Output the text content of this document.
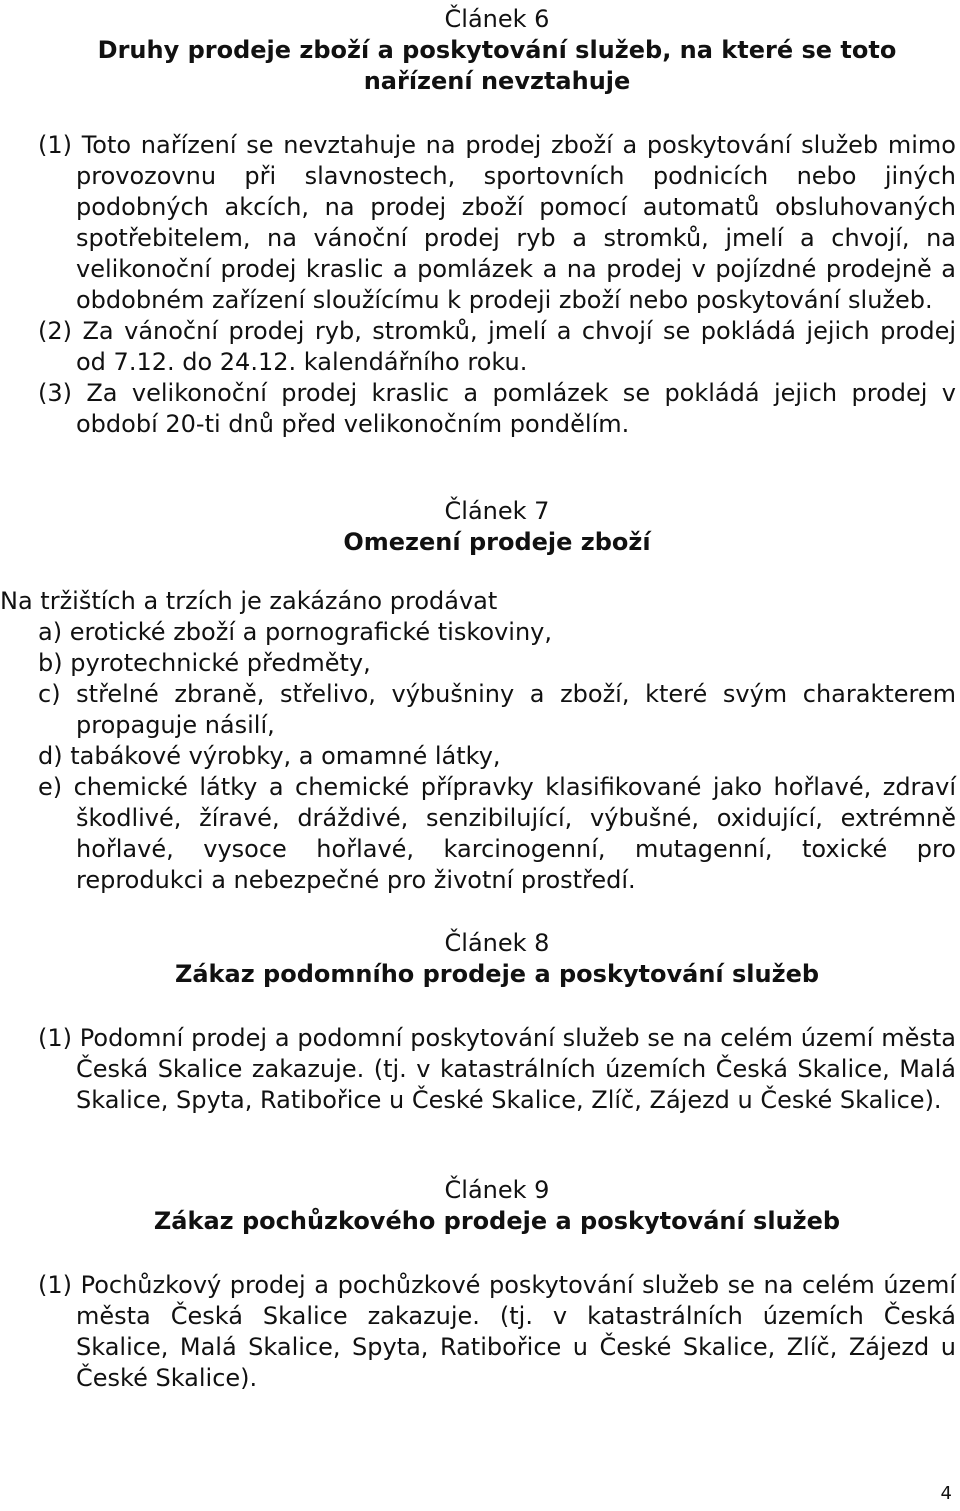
Článek 6

Druhy prodeje zboží a poskytování služeb, na které se toto nařízení nevztahuje

(1) Toto nařízení se nevztahuje na prodej zboží a poskytování služeb mimo provozovnu při slavnostech, sportovních podnicích nebo jiných podobných akcích, na prodej zboží pomocí automatů obsluhovaných spotřebitelem, na vánoční prodej ryb a stromků, jmelí a chvojí, na velikonoční prodej kraslic a pomlázek a na prodej v pojízdné prodejně a obdobném zařízení sloužícímu k prodeji zboží nebo poskytování služeb.

(2) Za vánoční prodej ryb, stromků, jmelí a chvojí se pokládá jejich prodej od 7.12. do 24.12. kalendářního roku.

(3) Za velikonoční prodej kraslic a pomlázek se pokládá jejich prodej v období 20-ti dnů před velikonočním pondělím.

Článek 7

Omezení prodeje zboží

Na tržištích a trzích je zakázáno prodávat

a) erotické zboží a pornografické tiskoviny,
b) pyrotechnické předměty,
c) střelné zbraně, střelivo, výbušniny a zboží, které svým charakterem propaguje násilí,
d) tabákové výrobky, a omamné látky,
e) chemické látky a chemické přípravky klasifikované jako hořlavé, zdraví škodlivé, žíravé, dráždivé, senzibilující, výbušné, oxidující, extrémně hořlavé, vysoce hořlavé, karcinogenní, mutagenní, toxické pro reprodukci a nebezpečné pro životní prostředí.

Článek 8

Zákaz podomního prodeje a poskytování služeb

(1) Podomní prodej a podomní poskytování služeb se na celém území města Česká Skalice zakazuje. (tj. v katastrálních územích Česká Skalice, Malá Skalice, Spyta, Ratibořice u České Skalice, Zlíč, Zájezd u České Skalice).

Článek 9

Zákaz pochůzkového prodeje a poskytování služeb

(1) Pochůzkový prodej a pochůzkové poskytování služeb se na celém území města Česká Skalice zakazuje. (tj. v katastrálních územích Česká Skalice, Malá Skalice, Spyta, Ratibořice u České Skalice, Zlíč, Zájezd u České Skalice).

4
